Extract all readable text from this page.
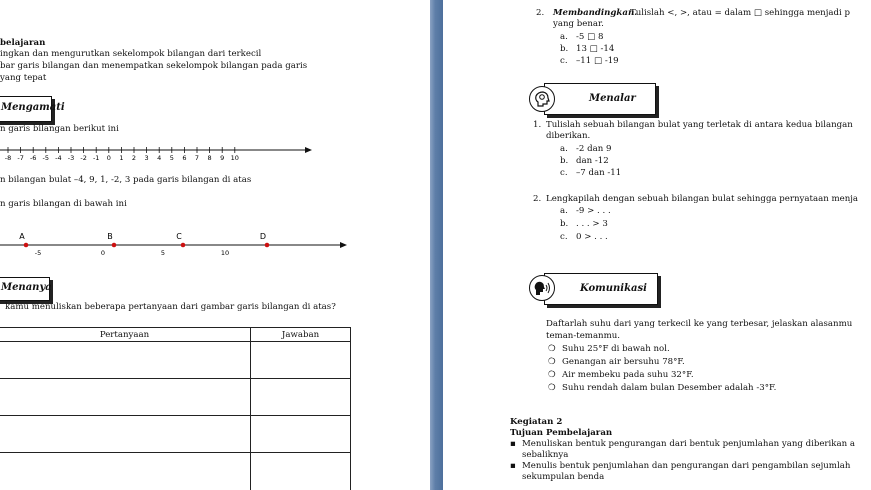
belajaran
ingkan dan mengurutkan sekelompok bilangan dari terkecil
bar garis bilangan dan menempatkan sekelompok bilangan pada garis
yang tepat
Mengamati
n garis bilangan berikut ini
-8 -7 -6 -5 -4 -3 -2 -1 0 1 2 3 4 5 6 7 8 9 10
n bilangan bulat –4, 9, 1, -2, 3 pada garis bilangan di atas
n garis bilangan di bawah ini
A	B	C	D
-5	0	5	10
Menanya
kamu menuliskan beberapa pertanyaan dari gambar garis bilangan di atas?
Pertanyaan	Jawaban

2. Membandingkan.
Tulislah <, >, atau = dalam □ sehingga menjadi p
yang benar.
a. -5 □ 8
b. 13 □ -14
c. –11 □ -19
Menalar
1. Tulislah sebuah bilangan bulat yang terletak di antara kedua bilangan
diberikan.
a. -2 dan 9
b. dan -12
c. –7 dan -11
2. Lengkapilah dengan sebuah bilangan bulat sehingga pernyataan menja
a. -9 > . . .
b. . . . > 3
c. 0 > . . .
Komunikasi
Daftarlah suhu dari yang terkecil ke yang terbesar, jelaskan alasanmu
teman-temanmu.
❍ Suhu 25°F di bawah nol.
❍ Genangan air bersuhu 78°F.
❍ Air membeku pada suhu 32°F.
❍ Suhu rendah dalam bulan Desember adalah -3°F.
Kegiatan 2
Tujuan Pembelajaran
▪ Menuliskan bentuk pengurangan dari bentuk penjumlahan yang diberikan a
sebaliknya
▪ Menulis bentuk penjumlahan dan pengurangan dari pengambilan sejumlah
sekumpulan benda
